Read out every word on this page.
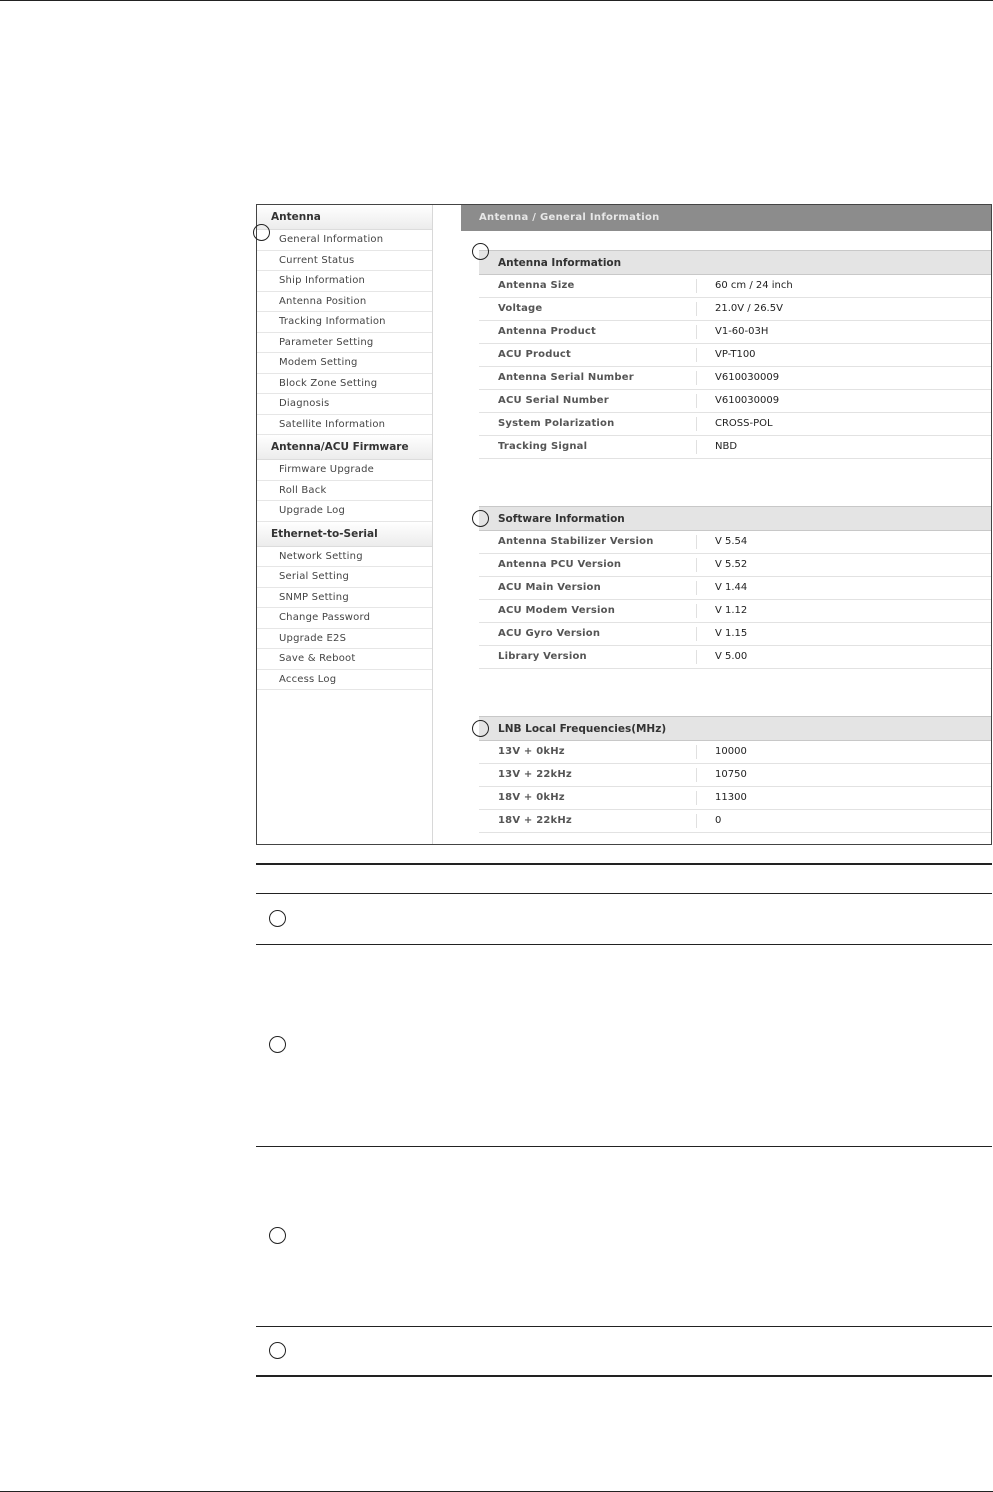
Antenna
General Information
Current Status
Ship Information
Antenna Position
Tracking Information
Parameter Setting
Modem Setting
Block Zone Setting
Diagnosis
Satellite Information
Antenna/ACU Firmware
Firmware Upgrade
Roll Back
Upgrade Log
Ethernet-to-Serial
Network Setting
Serial Setting
SNMP Setting
Change Password
Upgrade E2S
Save & Reboot
Access Log
Antenna / General Information
Antenna Information
Antenna Size	60 cm / 24 inch
Voltage	21.0V / 26.5V
Antenna Product	V1-60-03H
ACU Product	VP-T100
Antenna Serial Number	V610030009
ACU Serial Number	V610030009
System Polarization	CROSS-POL
Tracking Signal	NBD
Software Information
Antenna Stabilizer Version	V 5.54
Antenna PCU Version	V 5.52
ACU Main Version	V 1.44
ACU Modem Version	V 1.12
ACU Gyro Version	V 1.15
Library Version	V 5.00
LNB Local Frequencies(MHz)
13V + 0kHz	10000
13V + 22kHz	10750
18V + 0kHz	11300
18V + 22kHz	0
